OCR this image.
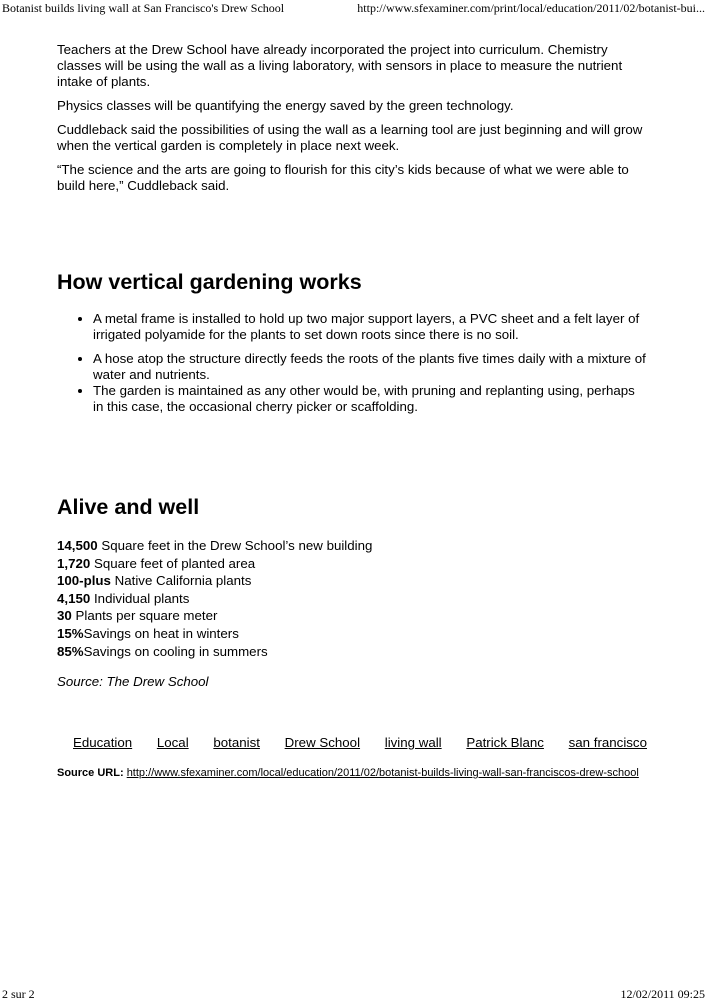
Botanist builds living wall at San Francisco's Drew School	http://www.sfexaminer.com/print/local/education/2011/02/botanist-bui...

Teachers at the Drew School have already incorporated the project into curriculum. Chemistry classes will be using the wall as a living laboratory, with sensors in place to measure the nutrient intake of plants.

Physics classes will be quantifying the energy saved by the green technology.

Cuddleback said the possibilities of using the wall as a learning tool are just beginning and will grow when the vertical garden is completely in place next week.

“The science and the arts are going to flourish for this city’s kids because of what we were able to build here,” Cuddleback said.

How vertical gardening works
• A metal frame is installed to hold up two major support layers, a PVC sheet and a felt layer of irrigated polyamide for the plants to set down roots since there is no soil.
• A hose atop the structure directly feeds the roots of the plants five times daily with a mixture of water and nutrients.
• The garden is maintained as any other would be, with pruning and replanting using, perhaps in this case, the occasional cherry picker or scaffolding.
Alive and well
14,500 Square feet in the Drew School’s new building
1,720 Square feet of planted area
100-plus Native California plants
4,150 Individual plants
30 Plants per square meter
15%Savings on heat in winters
85%Savings on cooling in summers
Source: The Drew School
Education Local botanist Drew School living wall Patrick Blanc san francisco
Source URL: http://www.sfexaminer.com/local/education/2011/02/botanist-builds-living-wall-san-franciscos-drew-school
2 sur 2	12/02/2011 09:25
